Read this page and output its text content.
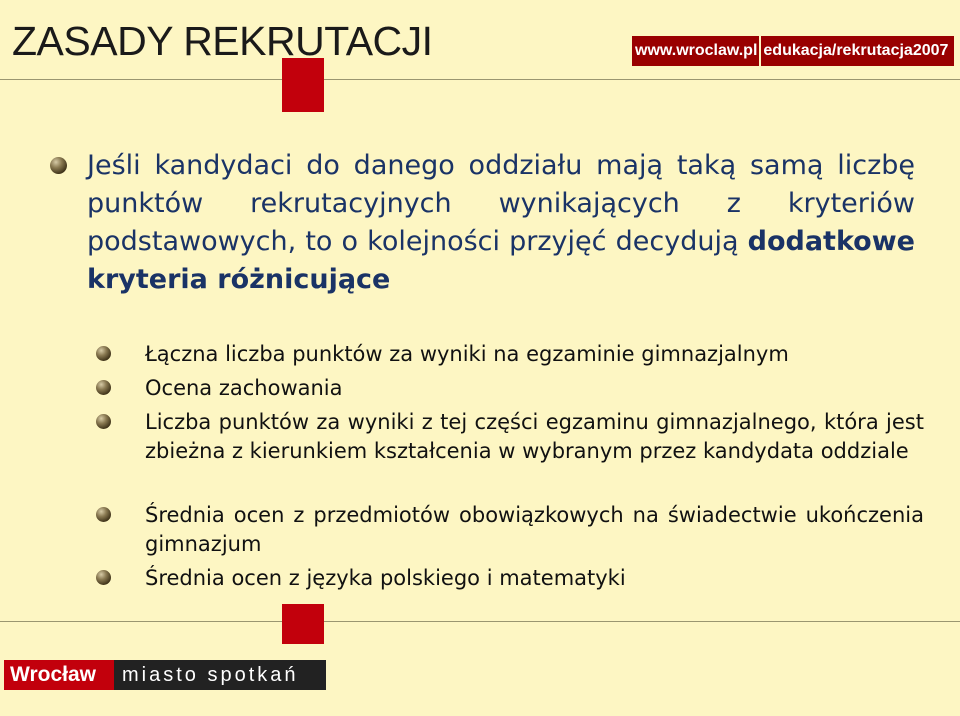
ZASADY REKRUTACJI	www.wroclaw.pl edukacja/rekrutacja2007
Jeśli kandydaci do danego oddziału mają taką samą liczbę punktów rekrutacyjnych wynikających z kryteriów podstawowych, to o kolejności przyjęć decydują dodatkowe kryteria różnicujące
Łączna liczba punktów za wyniki na egzaminie gimnazjalnym
Ocena zachowania
Liczba punktów za wyniki z tej części egzaminu gimnazjalnego, która jest zbieżna z kierunkiem kształcenia w wybranym przez kandydata oddziale
Średnia ocen z przedmiotów obowiązkowych na świadectwie ukończenia gimnazjum
Średnia ocen z języka polskiego i matematyki
Wrocław	miasto spotkań
